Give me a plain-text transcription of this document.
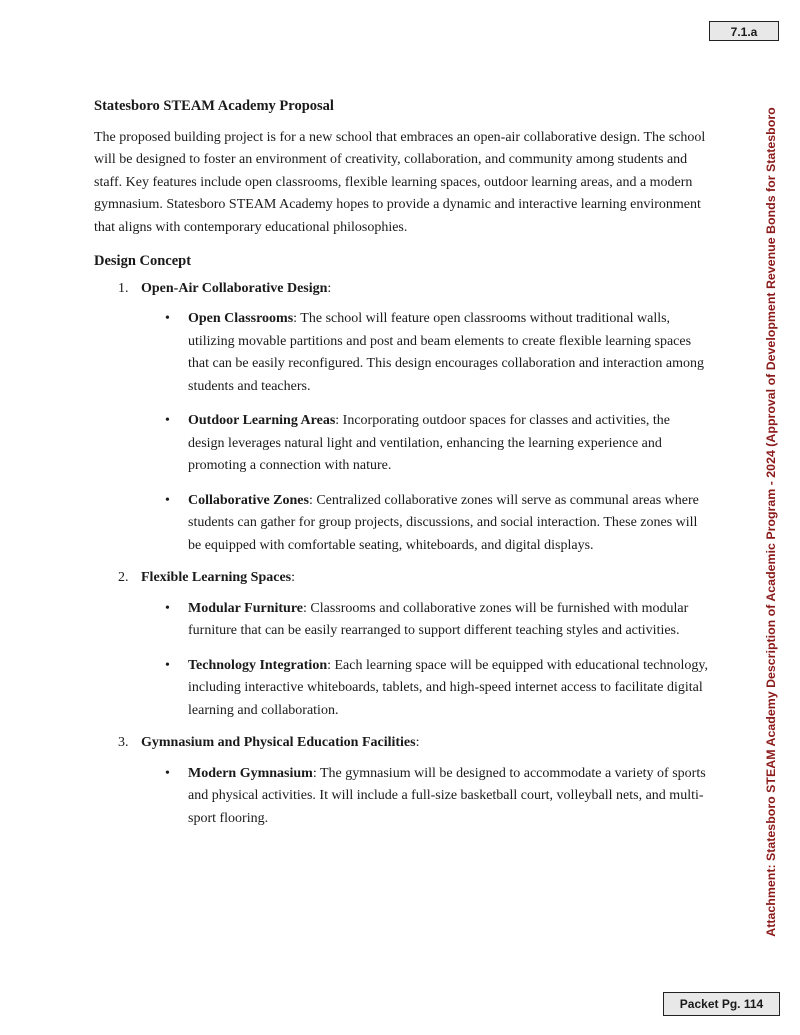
7.1.a
Attachment: Statesboro STEAM Academy Description of Academic Program - 2024 (Approval of Development Revenue Bonds for Statesboro
Statesboro STEAM Academy Proposal

The proposed building project is for a new school that embraces an open-air collaborative design. The school will be designed to foster an environment of creativity, collaboration, and community among students and staff. Key features include open classrooms, flexible learning spaces, outdoor learning areas, and a modern gymnasium. Statesboro STEAM Academy hopes to provide a dynamic and interactive learning environment that aligns with contemporary educational philosophies.

Design Concept
1. Open-Air Collaborative Design:
• Open Classrooms: The school will feature open classrooms without traditional walls, utilizing movable partitions and post and beam elements to create flexible learning spaces that can be easily reconfigured. This design encourages collaboration and interaction among students and teachers.
• Outdoor Learning Areas: Incorporating outdoor spaces for classes and activities, the design leverages natural light and ventilation, enhancing the learning experience and promoting a connection with nature.
• Collaborative Zones: Centralized collaborative zones will serve as communal areas where students can gather for group projects, discussions, and social interaction. These zones will be equipped with comfortable seating, whiteboards, and digital displays.
2. Flexible Learning Spaces:
• Modular Furniture: Classrooms and collaborative zones will be furnished with modular furniture that can be easily rearranged to support different teaching styles and activities.
• Technology Integration: Each learning space will be equipped with educational technology, including interactive whiteboards, tablets, and high-speed internet access to facilitate digital learning and collaboration.
3. Gymnasium and Physical Education Facilities:
• Modern Gymnasium: The gymnasium will be designed to accommodate a variety of sports and physical activities. It will include a full-size basketball court, volleyball nets, and multi-sport flooring.
Packet Pg. 114
